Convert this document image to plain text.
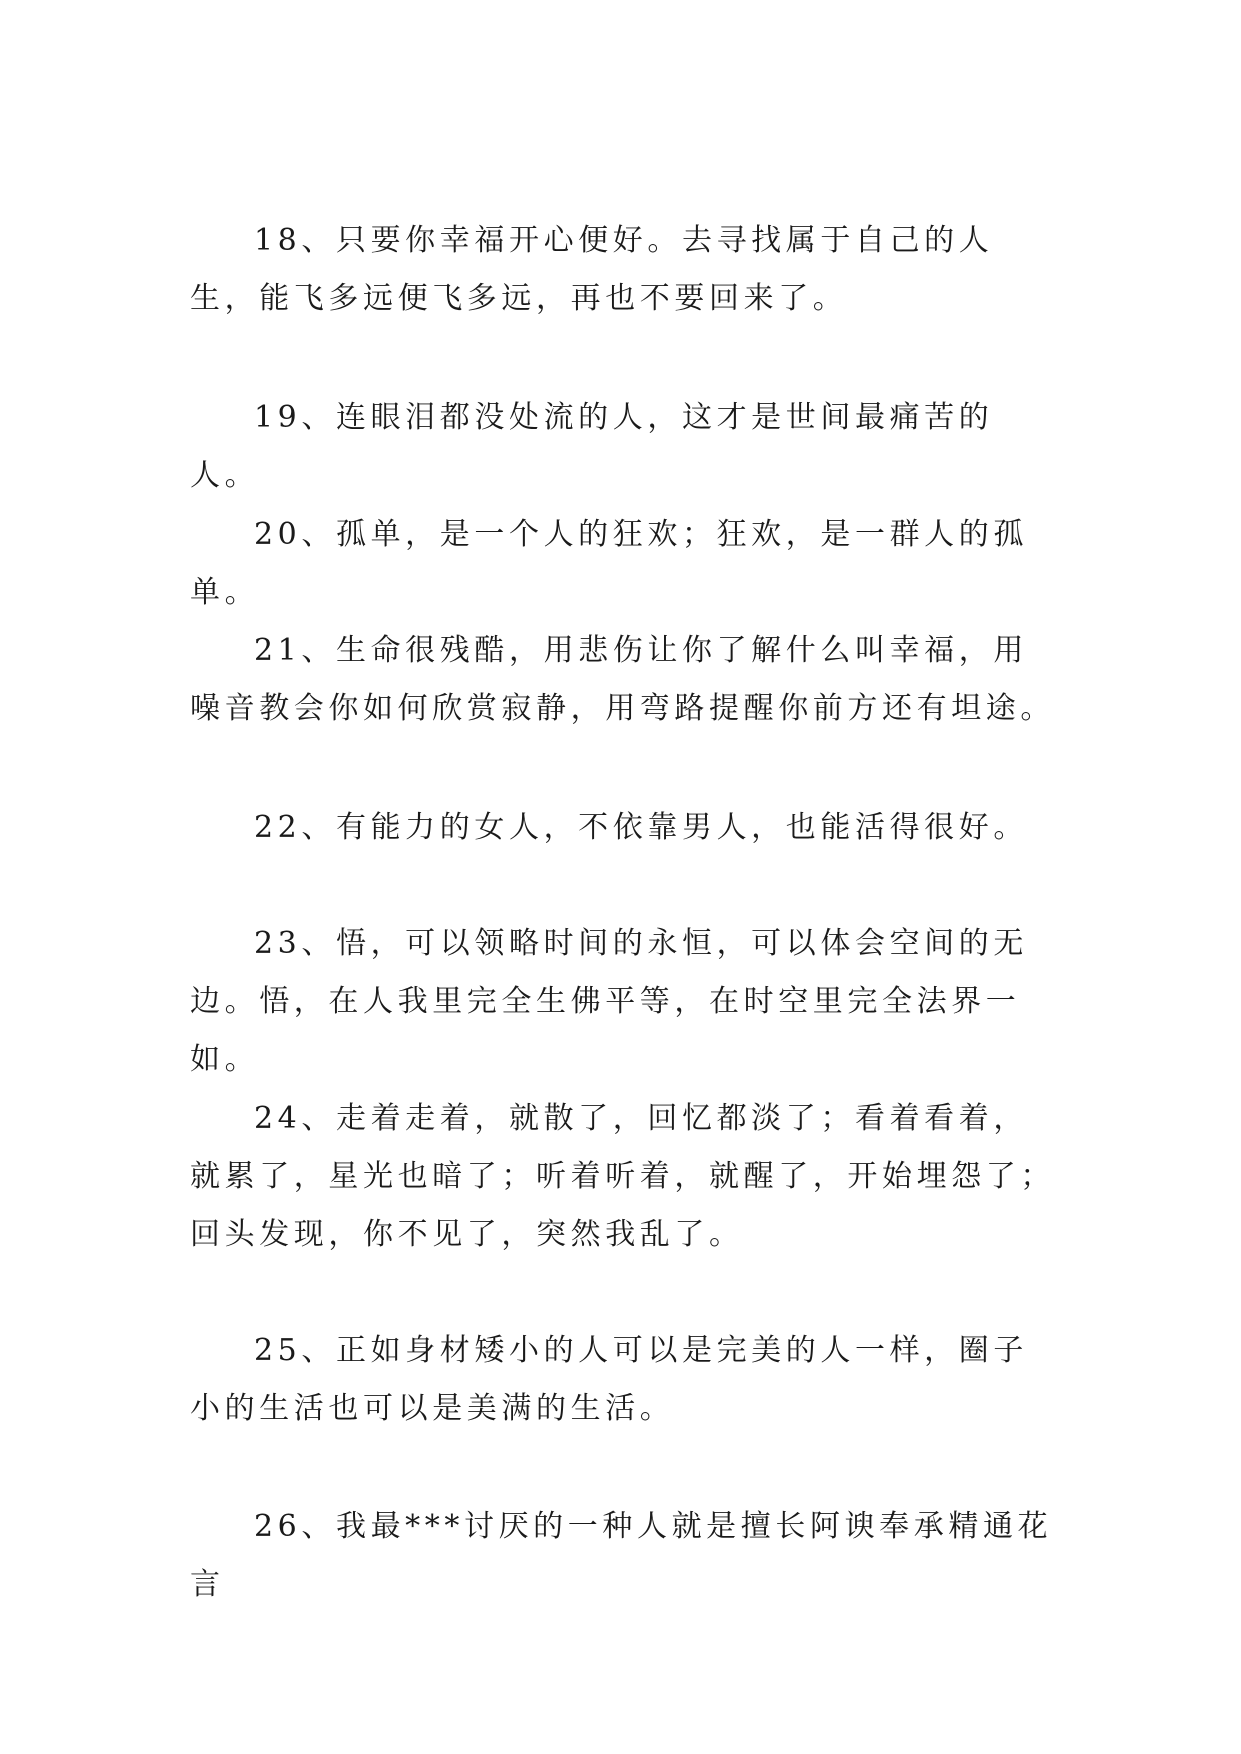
18、只要你幸福开心便好。去寻找属于自己的人生，能飞多远便飞多远，再也不要回来了。

19、连眼泪都没处流的人，这才是世间最痛苦的人。

20、孤单，是一个人的狂欢；狂欢，是一群人的孤单。

21、生命很残酷，用悲伤让你了解什么叫幸福，用噪音教会你如何欣赏寂静，用弯路提醒你前方还有坦途。

22、有能力的女人，不依靠男人，也能活得很好。

23、悟，可以领略时间的永恒，可以体会空间的无边。悟，在人我里完全生佛平等，在时空里完全法界一如。

24、走着走着，就散了，回忆都淡了；看着看着，就累了，星光也暗了；听着听着，就醒了，开始埋怨了；回头发现，你不见了，突然我乱了。

25、正如身材矮小的人可以是完美的人一样，圈子小的生活也可以是美满的生活。

26、我最***讨厌的一种人就是擅长阿谀奉承精通花言
